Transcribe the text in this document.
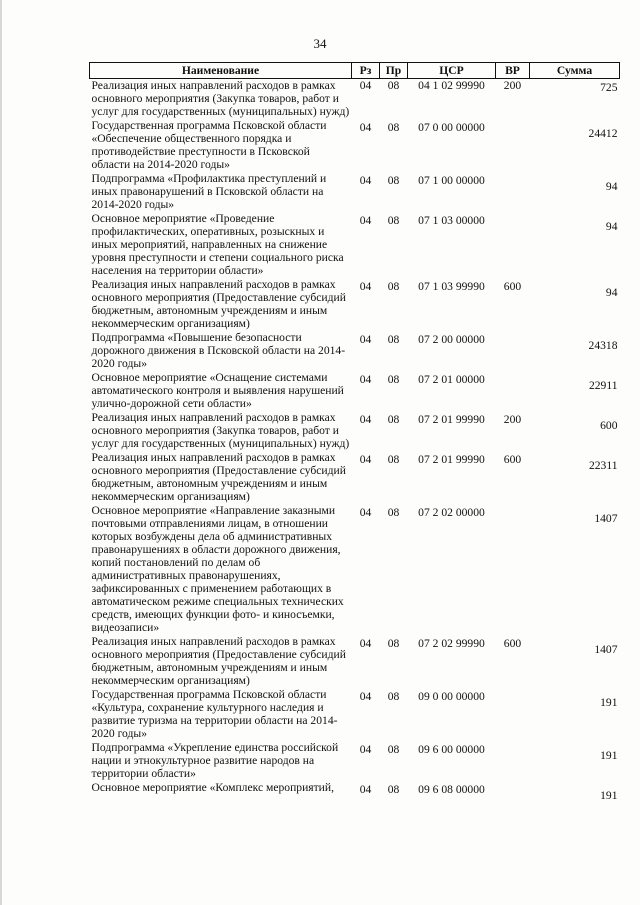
34
Наименование	Рз	Пр	ЦСР	ВР	Сумма
Реализация иных направлений расходов в рамках основного мероприятия (Закупка товаров, работ и услуг для государственных (муниципальных) нужд)	04	08	04 1 02 99990	200	725
Государственная программа Псковской области «Обеспечение общественного порядка и противодействие преступности в Псковской области на 2014-2020 годы»	04	08	07 0 00 00000		24412
Подпрограмма «Профилактика преступлений и иных правонарушений в Псковской области на 2014-2020 годы»	04	08	07 1 00 00000		94
Основное мероприятие «Проведение профилактических, оперативных, розыскных и иных мероприятий, направленных на снижение уровня преступности и степени социального риска населения на территории области»	04	08	07 1 03 00000		94
Реализация иных направлений расходов в рамках основного мероприятия (Предоставление субсидий бюджетным, автономным учреждениям и иным некоммерческим организациям)	04	08	07 1 03 99990	600	94
Подпрограмма «Повышение безопасности дорожного движения в Псковской области на 2014-2020 годы»	04	08	07 2 00 00000		24318
Основное мероприятие «Оснащение системами автоматического контроля и выявления нарушений улично-дорожной сети области»	04	08	07 2 01 00000		22911
Реализация иных направлений расходов в рамках основного мероприятия (Закупка товаров, работ и услуг для государственных (муниципальных) нужд)	04	08	07 2 01 99990	200	600
Реализация иных направлений расходов в рамках основного мероприятия (Предоставление субсидий бюджетным, автономным учреждениям и иным некоммерческим организациям)	04	08	07 2 01 99990	600	22311
Основное мероприятие «Направление заказными почтовыми отправлениями лицам, в отношении которых возбуждены дела об административных правонарушениях в области дорожного движения, копий постановлений по делам об административных правонарушениях, зафиксированных с применением работающих в автоматическом режиме специальных технических средств, имеющих функции фото- и киносъемки, видеозаписи»	04	08	07 2 02 00000		1407
Реализация иных направлений расходов в рамках основного мероприятия (Предоставление субсидий бюджетным, автономным учреждениям и иным некоммерческим организациям)	04	08	07 2 02 99990	600	1407
Государственная программа Псковской области «Культура, сохранение культурного наследия и развитие туризма на территории области на 2014-2020 годы»	04	08	09 0 00 00000		191
Подпрограмма «Укрепление единства российской нации и этнокультурное развитие народов на территории области»	04	08	09 6 00 00000		191
Основное мероприятие «Комплекс мероприятий,	04	08	09 6 08 00000		191
